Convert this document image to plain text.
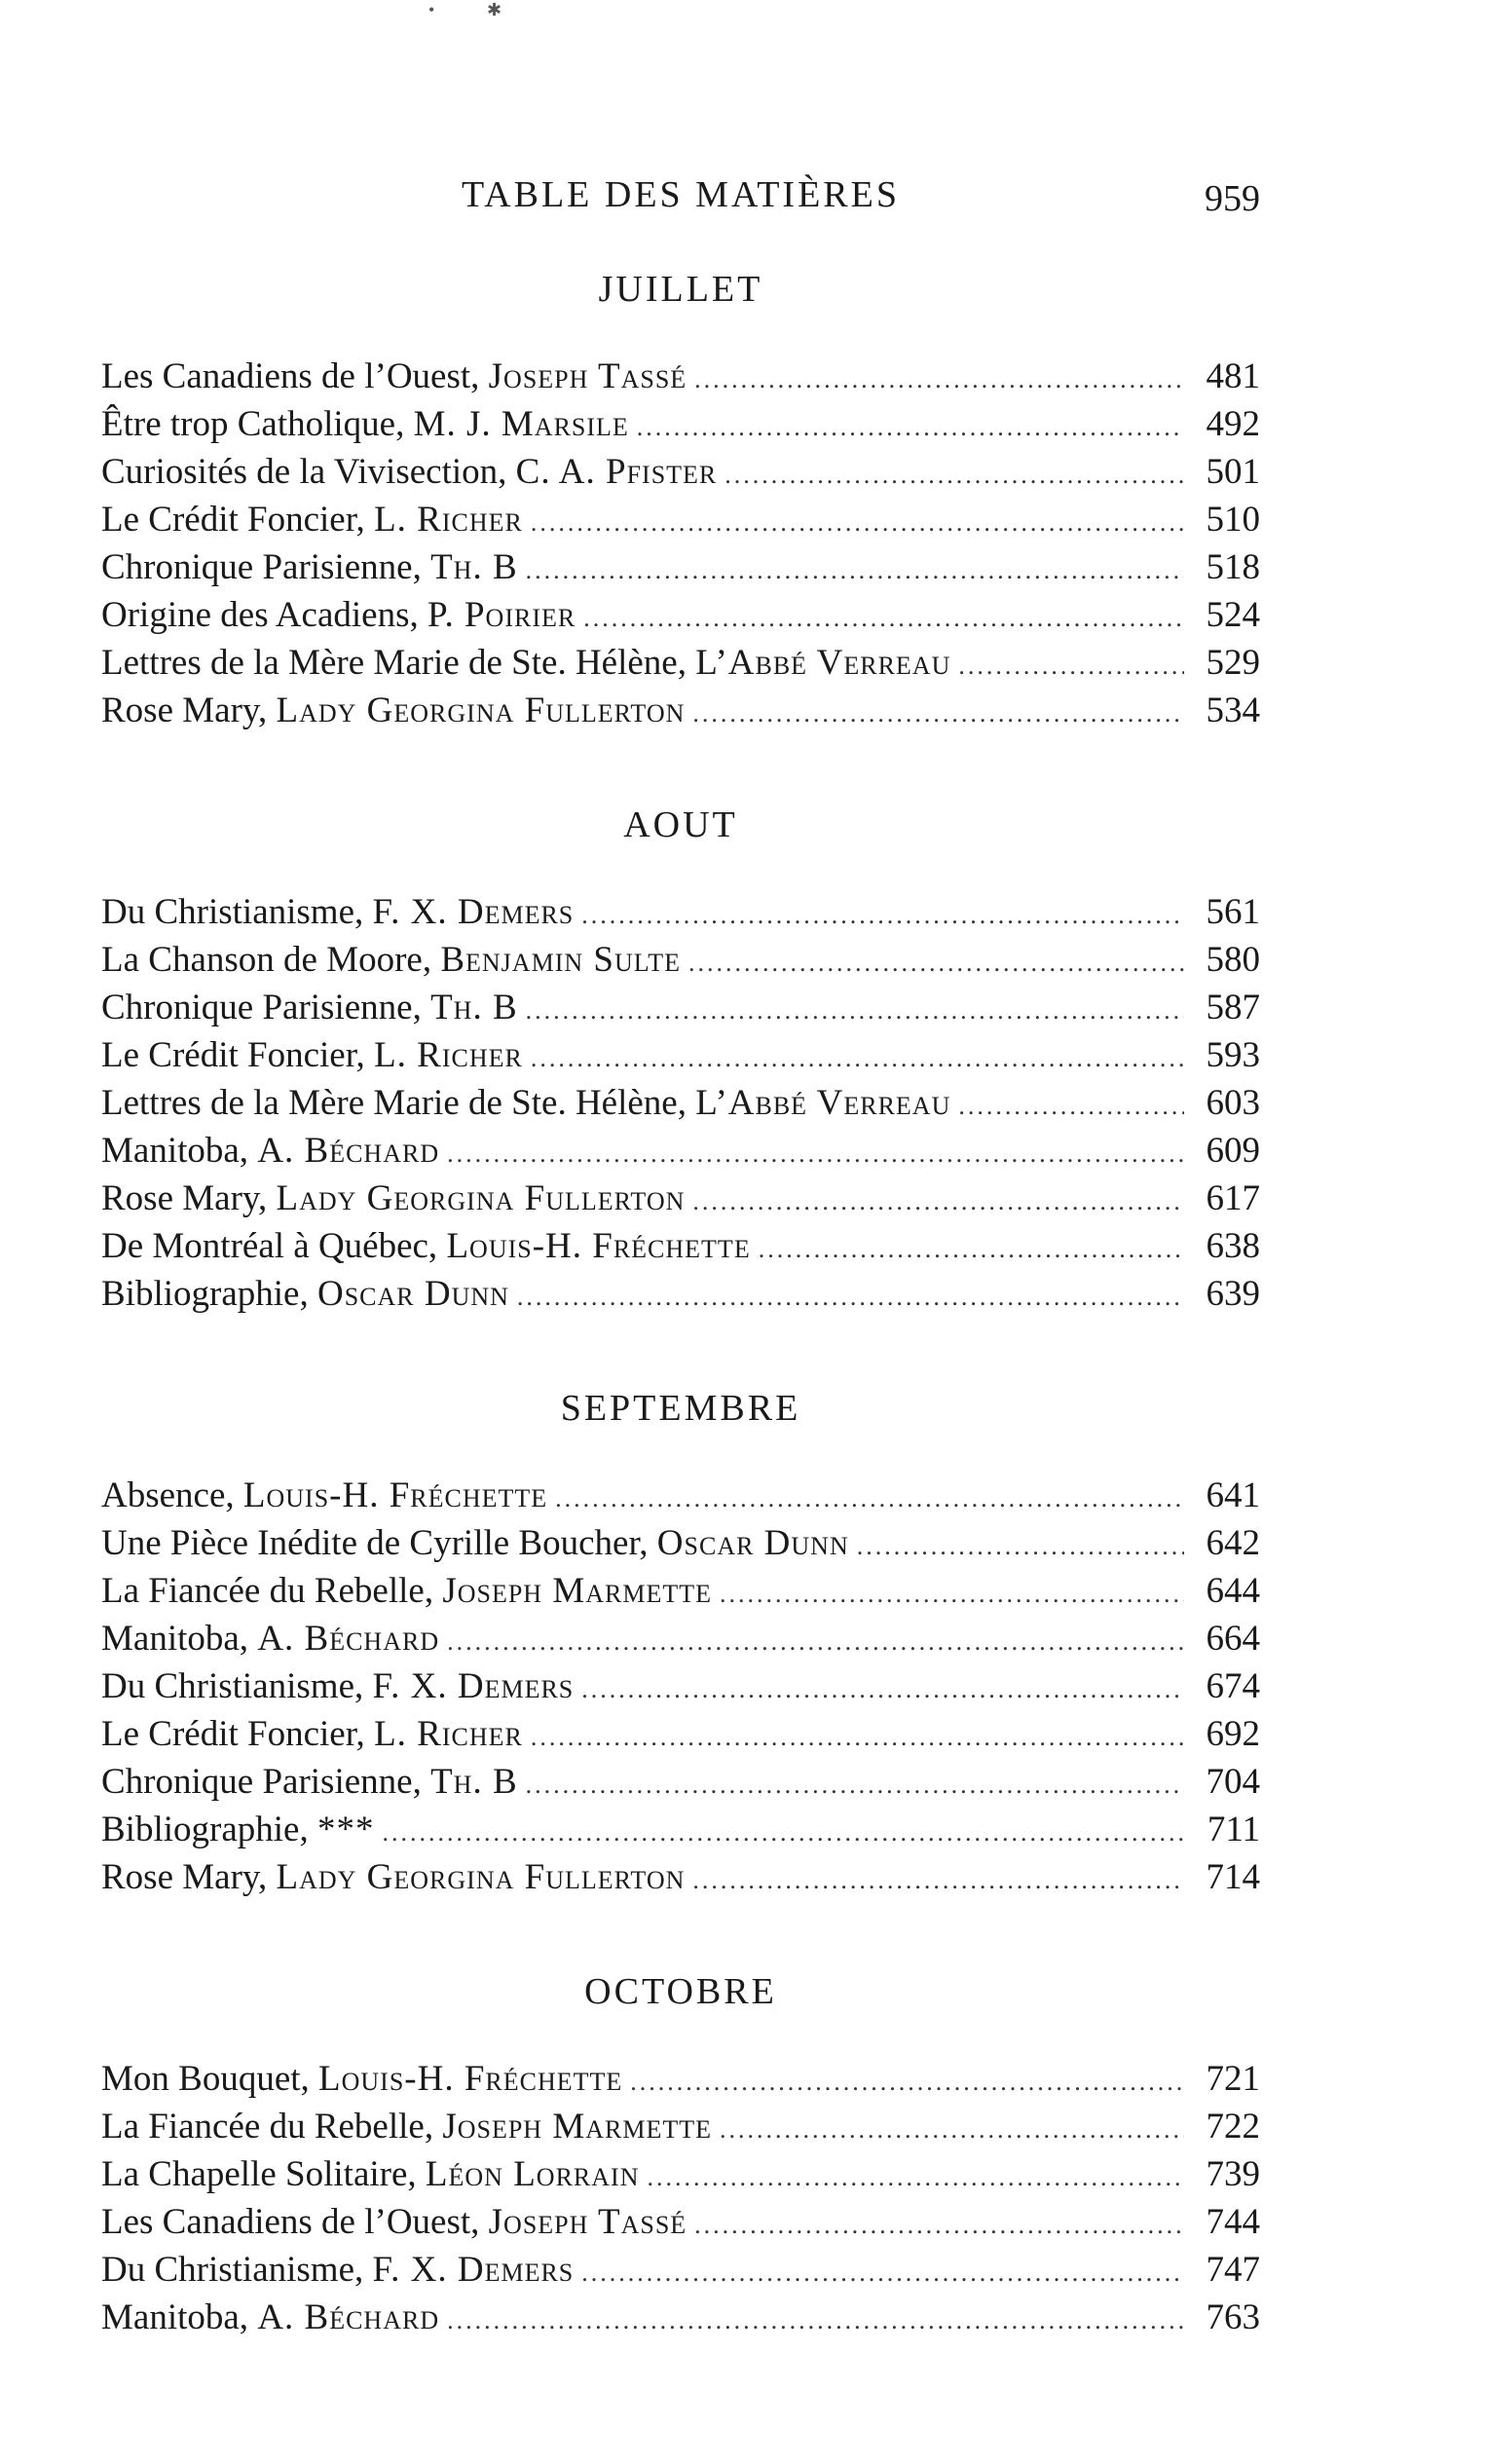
•	✱
TABLE DES MATIÈRES	959
JUILLET
Les Canadiens de l’Ouest, Joseph Tassé .....	481
Être trop Catholique, M. J. Marsile .....	492
Curiosités de la Vivisection, C. A. Pfister .....	501
Le Crédit Foncier, L. Richer .....	510
Chronique Parisienne, Th. B .....	518
Origine des Acadiens, P. Poirier .....	524
Lettres de la Mère Marie de Ste. Hélène, L’Abbé Verreau .....	529
Rose Mary, Lady Georgina Fullerton .....	534
AOUT
Du Christianisme, F. X. Demers .....	561
La Chanson de Moore, Benjamin Sulte .....	580
Chronique Parisienne, Th. B .....	587
Le Crédit Foncier, L. Richer .....	593
Lettres de la Mère Marie de Ste. Hélène, L’Abbé Verreau .....	603
Manitoba, A. Béchard .....	609
Rose Mary, Lady Georgina Fullerton .....	617
De Montréal à Québec, Louis-H. Fréchette .....	638
Bibliographie, Oscar Dunn .....	639
SEPTEMBRE
Absence, Louis-H. Fréchette .....	641
Une Pièce Inédite de Cyrille Boucher, Oscar Dunn .....	642
La Fiancée du Rebelle, Joseph Marmette .....	644
Manitoba, A. Béchard .....	664
Du Christianisme, F. X. Demers .....	674
Le Crédit Foncier, L. Richer .....	692
Chronique Parisienne, Th. B .....	704
Bibliographie, *** .....	711
Rose Mary, Lady Georgina Fullerton .....	714
OCTOBRE
Mon Bouquet, Louis-H. Fréchette .....	721
La Fiancée du Rebelle, Joseph Marmette .....	722
La Chapelle Solitaire, Léon Lorrain .....	739
Les Canadiens de l’Ouest, Joseph Tassé .....	744
Du Christianisme, F. X. Demers .....	747
Manitoba, A. Béchard .....	763
